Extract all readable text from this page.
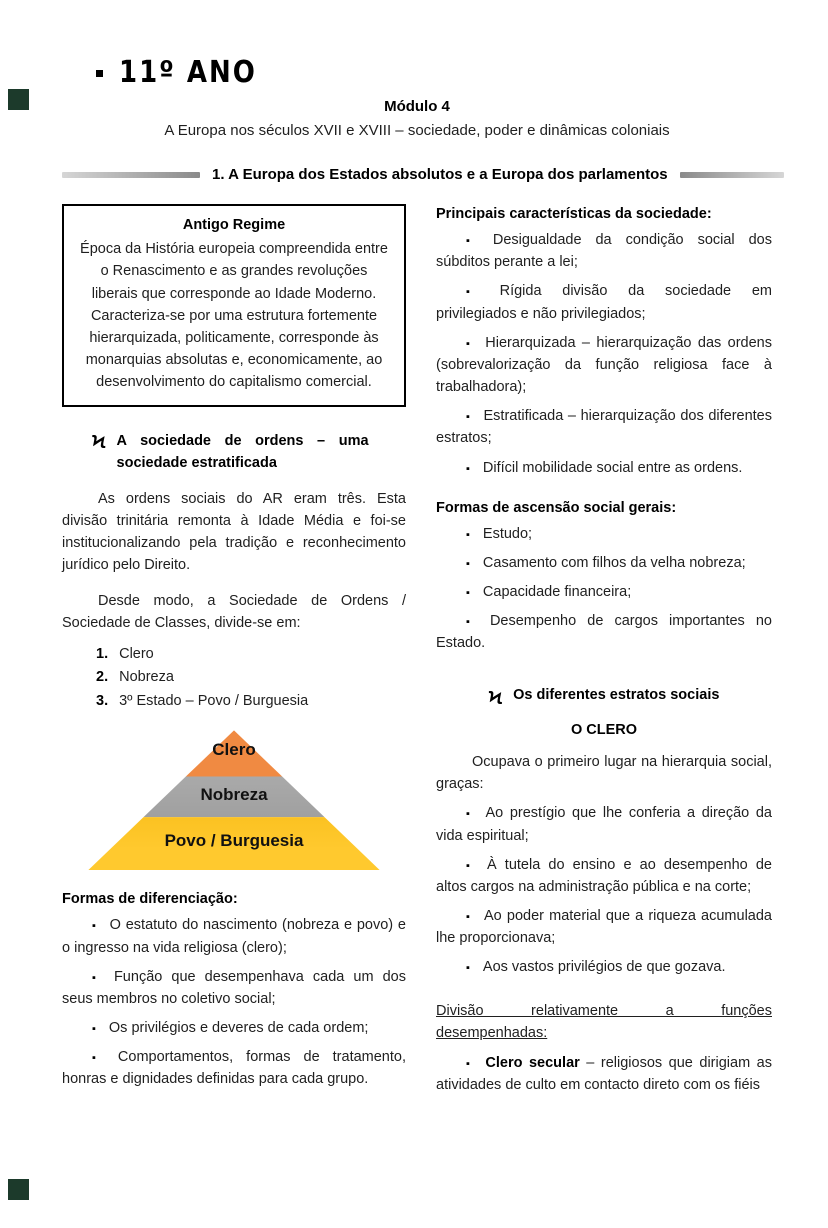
11º ANO
Módulo 4
A Europa nos séculos XVII e XVIII – sociedade, poder e dinâmicas coloniais
1. A Europa dos Estados absolutos e a Europa dos parlamentos
Antigo Regime
Época da História europeia compreendida entre o Renascimento e as grandes revoluções liberais que corresponde ao Idade Moderno. Caracteriza-se por uma estrutura fortemente hierarquizada, politicamente, corresponde às monarquias absolutas e, economicamente, ao desenvolvimento do capitalismo comercial.
Ϟ A sociedade de ordens – uma sociedade estratificada

As ordens sociais do AR eram três. Esta divisão trinitária remonta à Idade Média e foi-se institucionalizando pela tradição e reconhecimento jurídico pelo Direito.

Desde modo, a Sociedade de Ordens / Sociedade de Classes, divide-se em:

1. Clero
2. Nobreza
3. 3º Estado – Povo / Burguesia
Clero
Nobreza
Povo / Burguesia
Formas de diferenciação:

▪ O estatuto do nascimento (nobreza e povo) e o ingresso na vida religiosa (clero);

▪ Função que desempenhava cada um dos seus membros no coletivo social;

▪ Os privilégios e deveres de cada ordem;

▪ Comportamentos, formas de tratamento, honras e dignidades definidas para cada grupo.

Principais características da sociedade:

▪ Desigualdade da condição social dos súbditos perante a lei;

▪ Rígida divisão da sociedade em privilegiados e não privilegiados;

▪ Hierarquizada – hierarquização das ordens (sobrevalorização da função religiosa face à trabalhadora);

▪ Estratificada – hierarquização dos diferentes estratos;

▪ Difícil mobilidade social entre as ordens.

Formas de ascensão social gerais:

▪ Estudo;

▪ Casamento com filhos da velha nobreza;

▪ Capacidade financeira;

▪ Desempenho de cargos importantes no Estado.

Ϟ Os diferentes estratos sociais
O CLERO

Ocupava o primeiro lugar na hierarquia social, graças:

▪ Ao prestígio que lhe conferia a direção da vida espiritual;

▪ À tutela do ensino e ao desempenho de altos cargos na administração pública e na corte;

▪ Ao poder material que a riqueza acumulada lhe proporcionava;

▪ Aos vastos privilégios de que gozava.

Divisão relativamente a funções
desempenhadas:

▪ Clero secular – religiosos que dirigiam as atividades de culto em contacto direto com os fiéis
